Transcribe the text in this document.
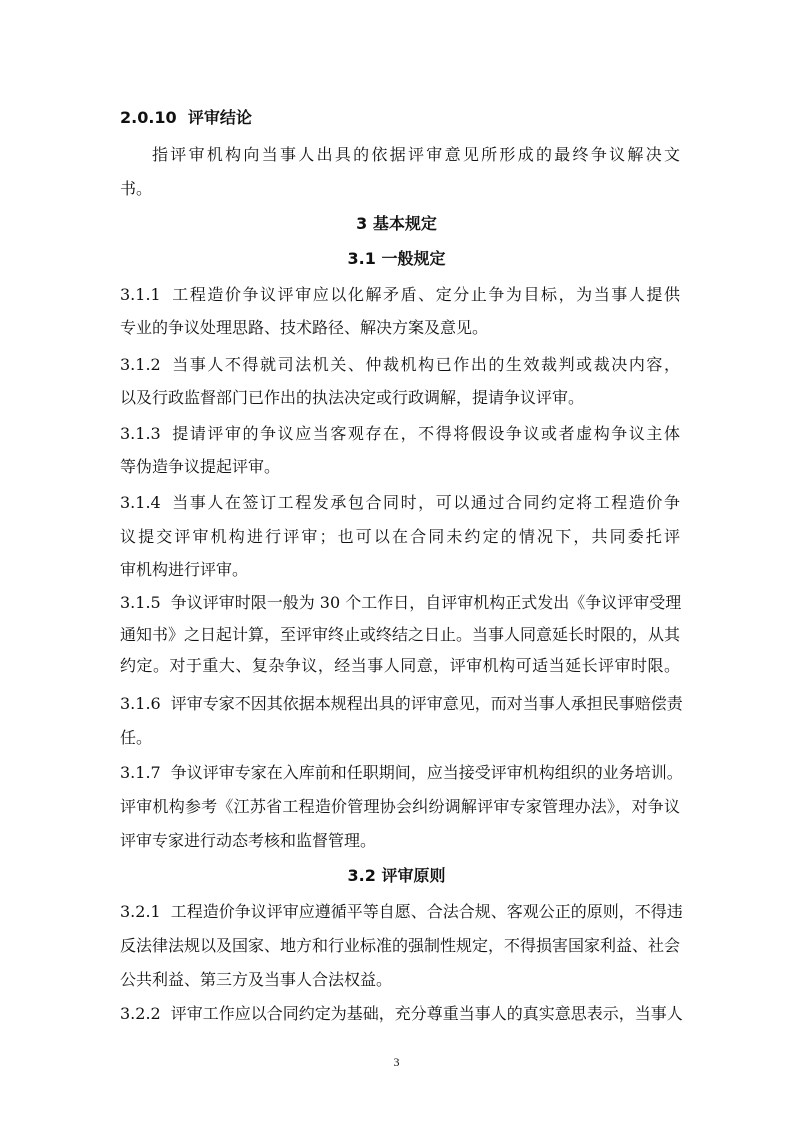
2.0.10 评审结论
指评审机构向当事人出具的依据评审意见所形成的最终争议解决文
书。
3 基本规定
3.1 一般规定
3.1.1 工程造价争议评审应以化解矛盾、定分止争为目标，为当事人提供
专业的争议处理思路、技术路径、解决方案及意见。
3.1.2 当事人不得就司法机关、仲裁机构已作出的生效裁判或裁决内容，
以及行政监督部门已作出的执法决定或行政调解，提请争议评审。
3.1.3 提请评审的争议应当客观存在，不得将假设争议或者虚构争议主体
等伪造争议提起评审。
3.1.4 当事人在签订工程发承包合同时，可以通过合同约定将工程造价争
议提交评审机构进行评审；也可以在合同未约定的情况下，共同委托评
审机构进行评审。
3.1.5 争议评审时限一般为 30 个工作日，自评审机构正式发出《争议评审受理
通知书》之日起计算，至评审终止或终结之日止。当事人同意延长时限的，从其
约定。对于重大、复杂争议，经当事人同意，评审机构可适当延长评审时限。
3.1.6 评审专家不因其依据本规程出具的评审意见，而对当事人承担民事赔偿责
任。
3.1.7 争议评审专家在入库前和任职期间，应当接受评审机构组织的业务培训。
评审机构参考《江苏省工程造价管理协会纠纷调解评审专家管理办法》，对争议
评审专家进行动态考核和监督管理。
3.2 评审原则
3.2.1 工程造价争议评审应遵循平等自愿、合法合规、客观公正的原则，不得违
反法律法规以及国家、地方和行业标准的强制性规定，不得损害国家利益、社会
公共利益、第三方及当事人合法权益。
3.2.2 评审工作应以合同约定为基础，充分尊重当事人的真实意思表示，当事人
3
